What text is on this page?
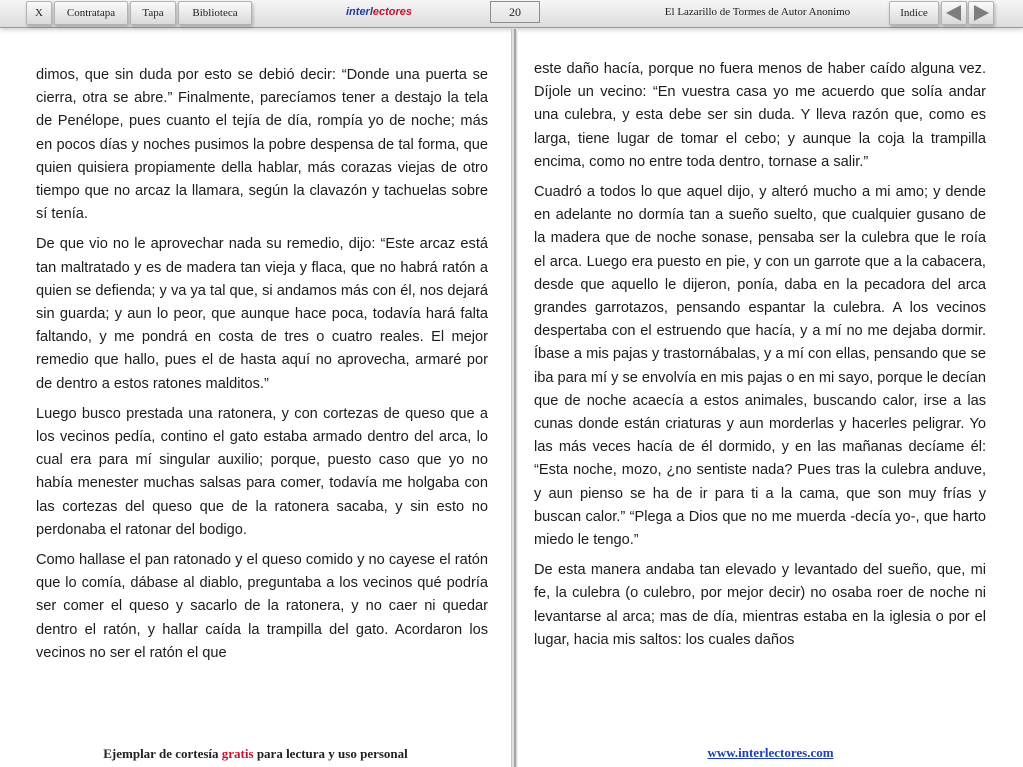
X	Contratapa	Tapa	Biblioteca	interlectores	20	El Lazarillo de Tormes de Autor Anonimo	Indice

dimos, que sin duda por esto se debió decir: “Donde una puerta se cierra, otra se abre.” Finalmente, parecíamos tener a destajo la tela de Penélope, pues cuanto el tejía de día, rompía yo de noche; más en pocos días y noches pusimos la pobre despensa de tal forma, que quien quisiera propiamente della hablar, más corazas viejas de otro tiempo que no arcaz la llamara, según la clavazón y tachuelas sobre sí tenía.

De que vio no le aprovechar nada su remedio, dijo: “Este arcaz está tan maltratado y es de madera tan vieja y flaca, que no habrá ratón a quien se defienda; y va ya tal que, si andamos más con él, nos dejará sin guarda; y aun lo peor, que aunque hace poca, todavía hará falta faltando, y me pondrá en costa de tres o cuatro reales. El mejor remedio que hallo, pues el de hasta aquí no aprovecha, armaré por de dentro a estos ratones malditos.”

Luego busco prestada una ratonera, y con cortezas de queso que a los vecinos pedía, contino el gato estaba armado dentro del arca, lo cual era para mí singular auxilio; porque, puesto caso que yo no había menester muchas salsas para comer, todavía me holgaba con las cortezas del queso que de la ratonera sacaba, y sin esto no perdonaba el ratonar del bodigo.

Como hallase el pan ratonado y el queso comido y no cayese el ratón que lo comía, dábase al diablo, preguntaba a los vecinos qué podría ser comer el queso y sacarlo de la ratonera, y no caer ni quedar dentro el ratón, y hallar caída la trampilla del gato. Acordaron los vecinos no ser el ratón el que

este daño hacía, porque no fuera menos de haber caído alguna vez. Díjole un vecino: “En vuestra casa yo me acuerdo que solía andar una culebra, y esta debe ser sin duda. Y lleva razón que, como es larga, tiene lugar de tomar el cebo; y aunque la coja la trampilla encima, como no entre toda dentro, tornase a salir.”

Cuadró a todos lo que aquel dijo, y alteró mucho a mi amo; y dende en adelante no dormía tan a sueño suelto, que cualquier gusano de la madera que de noche sonase, pensaba ser la culebra que le roía el arca. Luego era puesto en pie, y con un garrote que a la cabacera, desde que aquello le dijeron, ponía, daba en la pecadora del arca grandes garrotazos, pensando espantar la culebra. A los vecinos despertaba con el estruendo que hacía, y a mí no me dejaba dormir. Íbase a mis pajas y trastornábalas, y a mí con ellas, pensando que se iba para mí y se envolvía en mis pajas o en mi sayo, porque le decían que de noche acaecía a estos animales, buscando calor, irse a las cunas donde están criaturas y aun morderlas y hacerles peligrar. Yo las más veces hacía de él dormido, y en las mañanas decíame él: “Esta noche, mozo, ¿no sentiste nada? Pues tras la culebra anduve, y aun pienso se ha de ir para ti a la cama, que son muy frías y buscan calor.” “Plega a Dios que no me muerda -decía yo-, que harto miedo le tengo.”

De esta manera andaba tan elevado y levantado del sueño, que, mi fe, la culebra (o culebro, por mejor decir) no osaba roer de noche ni levantarse al arca; mas de día, mientras estaba en la iglesia o por el lugar, hacia mis saltos: los cuales daños

Ejemplar de cortesía gratis para lectura y uso personal	www.interlectores.com
